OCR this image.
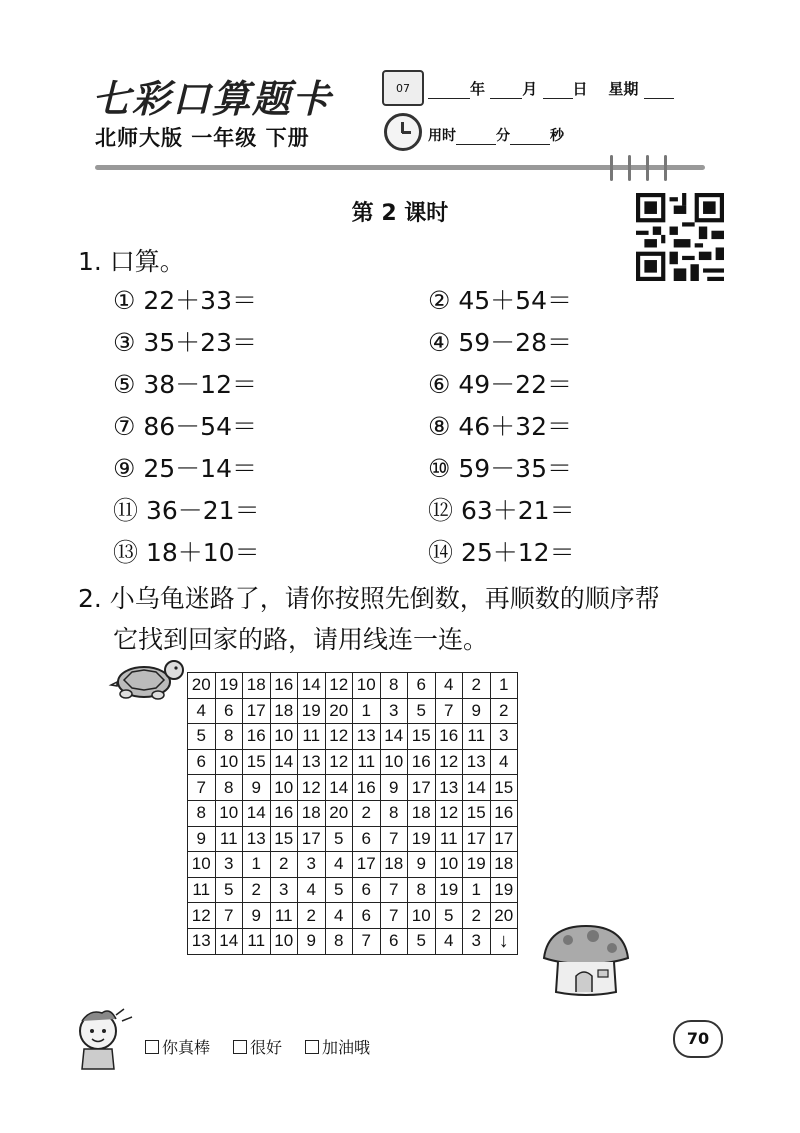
七彩口算题卡
北师大版 一年级 下册
07	年 月 日 星期
用时	分	秒
第 2 课时
1. 口算。
① 22＋33＝	② 45＋54＝
③ 35＋23＝	④ 59－28＝
⑤ 38－12＝	⑥ 49－22＝
⑦ 86－54＝	⑧ 46＋32＝
⑨ 25－14＝	⑩ 59－35＝
⑪ 36－21＝	⑫ 63＋21＝
⑬ 18＋10＝	⑭ 25＋12＝
2. 小乌龟迷路了，请你按照先倒数，再顺数的顺序帮
它找到回家的路，请用线连一连。
20	19	18	16	14	12	10	8	6	4	2	1
4	6	17	18	19	20	1	3	5	7	9	2
5	8	16	10	11	12	13	14	15	16	11	3
6	10	15	14	13	12	11	10	16	12	13	4
7	8	9	10	12	14	16	9	17	13	14	15
8	10	14	16	18	20	2	8	18	12	15	16
9	11	13	15	17	5	6	7	19	11	17	17
10	3	1	2	3	4	17	18	9	10	19	18
11	5	2	3	4	5	6	7	8	19	1	19
12	7	9	11	2	4	6	7	10	5	2	20
13	14	11	10	9	8	7	6	5	4	3	↓
你真棒	很好	加油哦	70
